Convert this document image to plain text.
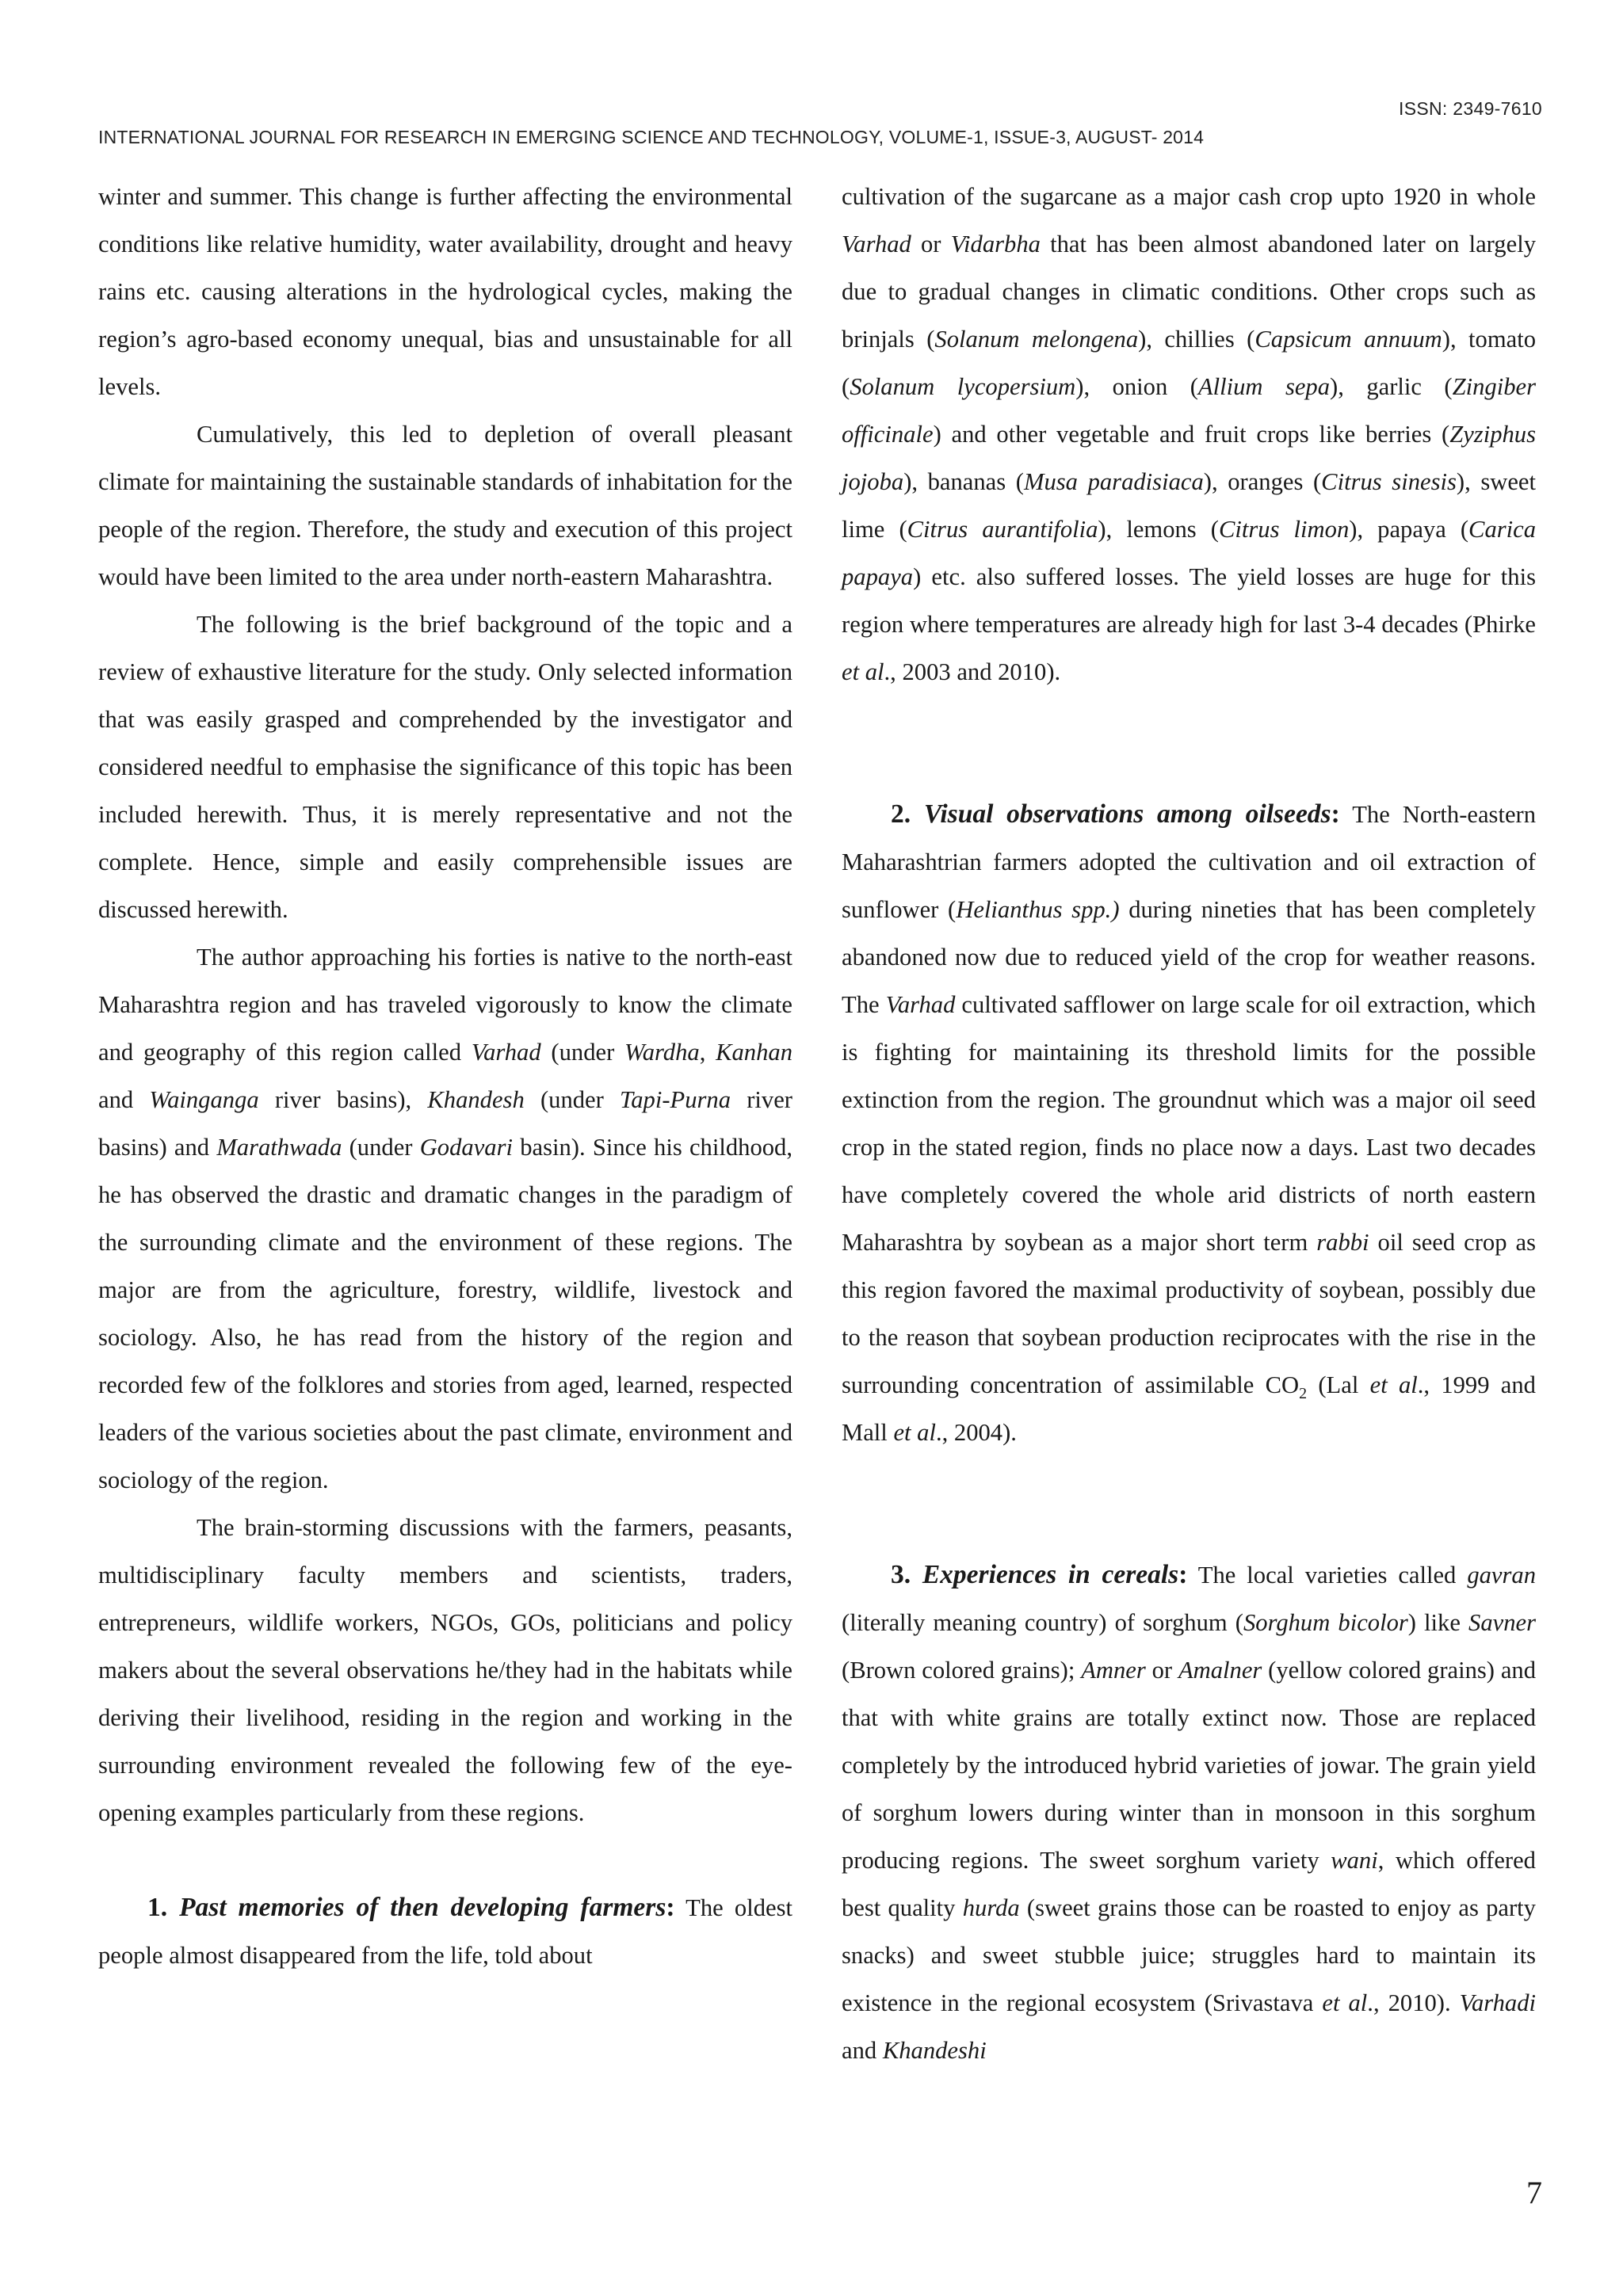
ISSN: 2349-7610
INTERNATIONAL JOURNAL FOR RESEARCH IN EMERGING SCIENCE AND TECHNOLOGY, VOLUME-1, ISSUE-3, AUGUST- 2014

winter and summer. This change is further affecting the environmental conditions like relative humidity, water availability, drought and heavy rains etc. causing alterations in the hydrological cycles, making the region’s agro-based economy unequal, bias and unsustainable for all levels.

Cumulatively, this led to depletion of overall pleasant climate for maintaining the sustainable standards of inhabitation for the people of the region. Therefore, the study and execution of this project would have been limited to the area under north-eastern Maharashtra.

The following is the brief background of the topic and a review of exhaustive literature for the study. Only selected information that was easily grasped and comprehended by the investigator and considered needful to emphasise the significance of this topic has been included herewith. Thus, it is merely representative and not the complete. Hence, simple and easily comprehensible issues are discussed herewith.

The author approaching his forties is native to the north-east Maharashtra region and has traveled vigorously to know the climate and geography of this region called Varhad (under Wardha, Kanhan and Wainganga river basins), Khandesh (under Tapi-Purna river basins) and Marathwada (under Godavari basin). Since his childhood, he has observed the drastic and dramatic changes in the paradigm of the surrounding climate and the environment of these regions. The major are from the agriculture, forestry, wildlife, livestock and sociology. Also, he has read from the history of the region and recorded few of the folklores and stories from aged, learned, respected leaders of the various societies about the past climate, environment and sociology of the region.

The brain-storming discussions with the farmers, peasants, multidisciplinary faculty members and scientists, traders, entrepreneurs, wildlife workers, NGOs, GOs, politicians and policy makers about the several observations he/they had in the habitats while deriving their livelihood, residing in the region and working in the surrounding environment revealed the following few of the eye-opening examples particularly from these regions.

1. Past memories of then developing farmers: The oldest people almost disappeared from the life, told about

cultivation of the sugarcane as a major cash crop upto 1920 in whole Varhad or Vidarbha that has been almost abandoned later on largely due to gradual changes in climatic conditions. Other crops such as brinjals (Solanum melongena), chillies (Capsicum annuum), tomato (Solanum lycopersium), onion (Allium sepa), garlic (Zingiber officinale) and other vegetable and fruit crops like berries (Zyziphus jojoba), bananas (Musa paradisiaca), oranges (Citrus sinesis), sweet lime (Citrus aurantifolia), lemons (Citrus limon), papaya (Carica papaya) etc. also suffered losses. The yield losses are huge for this region where temperatures are already high for last 3-4 decades (Phirke et al., 2003 and 2010).

2. Visual observations among oilseeds: The North-eastern Maharashtrian farmers adopted the cultivation and oil extraction of sunflower (Helianthus spp.) during nineties that has been completely abandoned now due to reduced yield of the crop for weather reasons. The Varhad cultivated safflower on large scale for oil extraction, which is fighting for maintaining its threshold limits for the possible extinction from the region. The groundnut which was a major oil seed crop in the stated region, finds no place now a days. Last two decades have completely covered the whole arid districts of north eastern Maharashtra by soybean as a major short term rabbi oil seed crop as this region favored the maximal productivity of soybean, possibly due to the reason that soybean production reciprocates with the rise in the surrounding concentration of assimilable $CO_2$ (Lal et al., 1999 and Mall et al., 2004).

3. Experiences in cereals: The local varieties called gavran (literally meaning country) of sorghum (Sorghum bicolor) like Savner (Brown colored grains); Amner or Amalner (yellow colored grains) and that with white grains are totally extinct now. Those are replaced completely by the introduced hybrid varieties of jowar. The grain yield of sorghum lowers during winter than in monsoon in this sorghum producing regions. The sweet sorghum variety wani, which offered best quality hurda (sweet grains those can be roasted to enjoy as party snacks) and sweet stubble juice; struggles hard to maintain its existence in the regional ecosystem (Srivastava et al., 2010). Varhadi and Khandeshi

7
